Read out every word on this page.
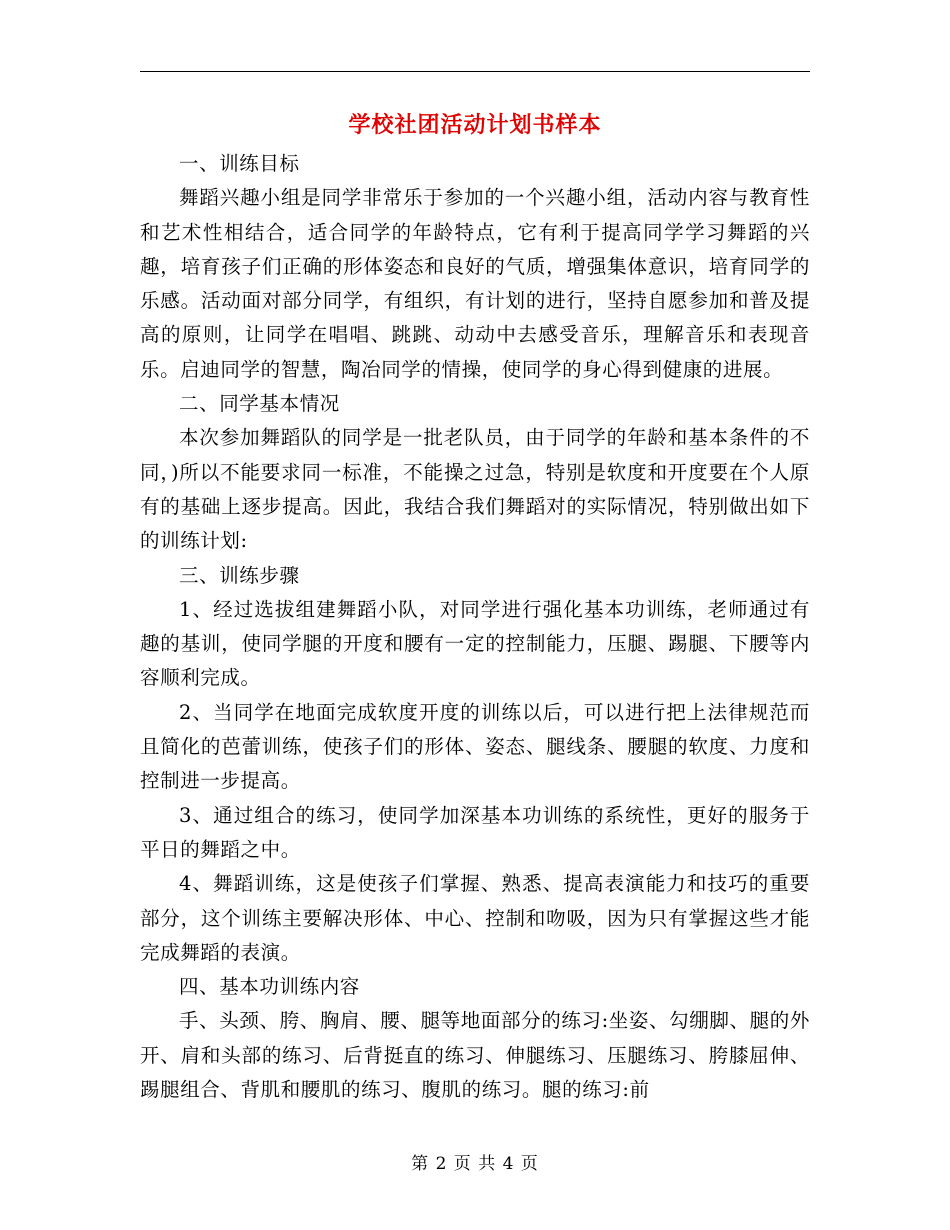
学校社团活动计划书样本

一、训练目标

舞蹈兴趣小组是同学非常乐于参加的一个兴趣小组，活动内容与教育性和艺术性相结合，适合同学的年龄特点，它有利于提高同学学习舞蹈的兴趣，培育孩子们正确的形体姿态和良好的气质，增强集体意识，培育同学的乐感。活动面对部分同学，有组织，有计划的进行，坚持自愿参加和普及提高的原则，让同学在唱唱、跳跳、动动中去感受音乐，理解音乐和表现音乐。启迪同学的智慧，陶冶同学的情操，使同学的身心得到健康的进展。

二、同学基本情况

本次参加舞蹈队的同学是一批老队员，由于同学的年龄和基本条件的不同，)所以不能要求同一标准，不能操之过急，特别是软度和开度要在个人原有的基础上逐步提高。因此，我结合我们舞蹈对的实际情况，特别做出如下的训练计划:

三、训练步骤

1、经过选拔组建舞蹈小队，对同学进行强化基本功训练，老师通过有趣的基训，使同学腿的开度和腰有一定的控制能力，压腿、踢腿、下腰等内容顺利完成。

2、当同学在地面完成软度开度的训练以后，可以进行把上法律规范而且简化的芭蕾训练，使孩子们的形体、姿态、腿线条、腰腿的软度、力度和控制进一步提高。

3、通过组合的练习，使同学加深基本功训练的系统性，更好的服务于平日的舞蹈之中。

4、舞蹈训练，这是使孩子们掌握、熟悉、提高表演能力和技巧的重要部分，这个训练主要解决形体、中心、控制和吻吸，因为只有掌握这些才能完成舞蹈的表演。

四、基本功训练内容

手、头颈、胯、胸肩、腰、腿等地面部分的练习:坐姿、勾绷脚、腿的外开、肩和头部的练习、后背挺直的练习、伸腿练习、压腿练习、胯膝屈伸、踢腿组合、背肌和腰肌的练习、腹肌的练习。腿的练习:前

第 2 页 共 4 页
